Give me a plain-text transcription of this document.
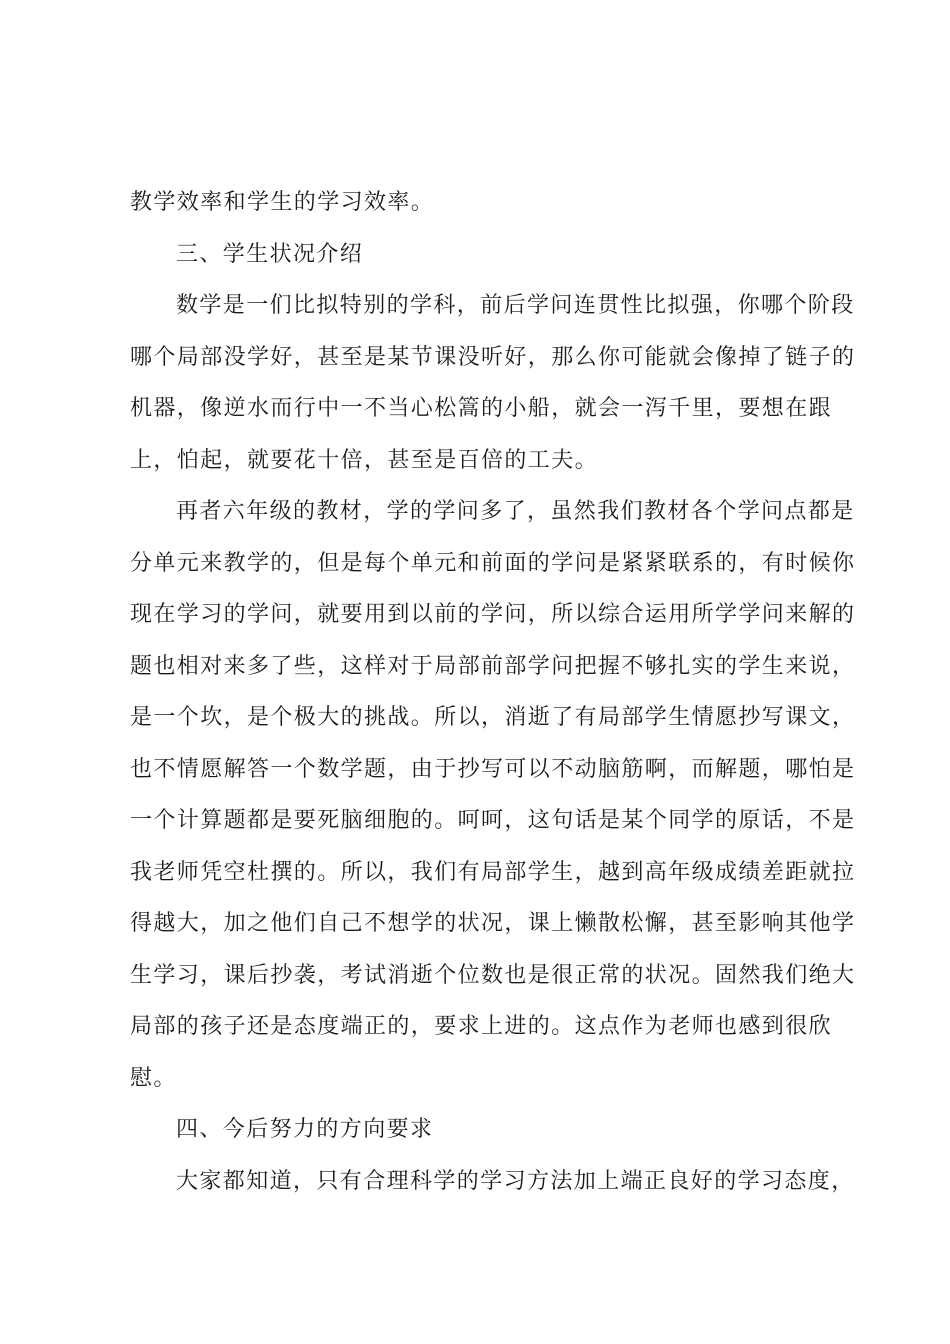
教学效率和学生的学习效率。
三、学生状况介绍
数学是一们比拟特别的学科，前后学问连贯性比拟强，你哪个阶段
哪个局部没学好，甚至是某节课没听好，那么你可能就会像掉了链子的
机器，像逆水而行中一不当心松篙的小船，就会一泻千里，要想在跟
上，怕起，就要花十倍，甚至是百倍的工夫。
再者六年级的教材，学的学问多了，虽然我们教材各个学问点都是
分单元来教学的，但是每个单元和前面的学问是紧紧联系的，有时候你
现在学习的学问，就要用到以前的学问，所以综合运用所学学问来解的
题也相对来多了些，这样对于局部前部学问把握不够扎实的学生来说，
是一个坎，是个极大的挑战。所以，消逝了有局部学生情愿抄写课文，
也不情愿解答一个数学题，由于抄写可以不动脑筋啊，而解题，哪怕是
一个计算题都是要死脑细胞的。呵呵，这句话是某个同学的原话，不是
我老师凭空杜撰的。所以，我们有局部学生，越到高年级成绩差距就拉
得越大，加之他们自己不想学的状况，课上懒散松懈，甚至影响其他学
生学习，课后抄袭，考试消逝个位数也是很正常的状况。固然我们绝大
局部的孩子还是态度端正的，要求上进的。这点作为老师也感到很欣
慰。
四、今后努力的方向要求
大家都知道，只有合理科学的学习方法加上端正良好的学习态度，
